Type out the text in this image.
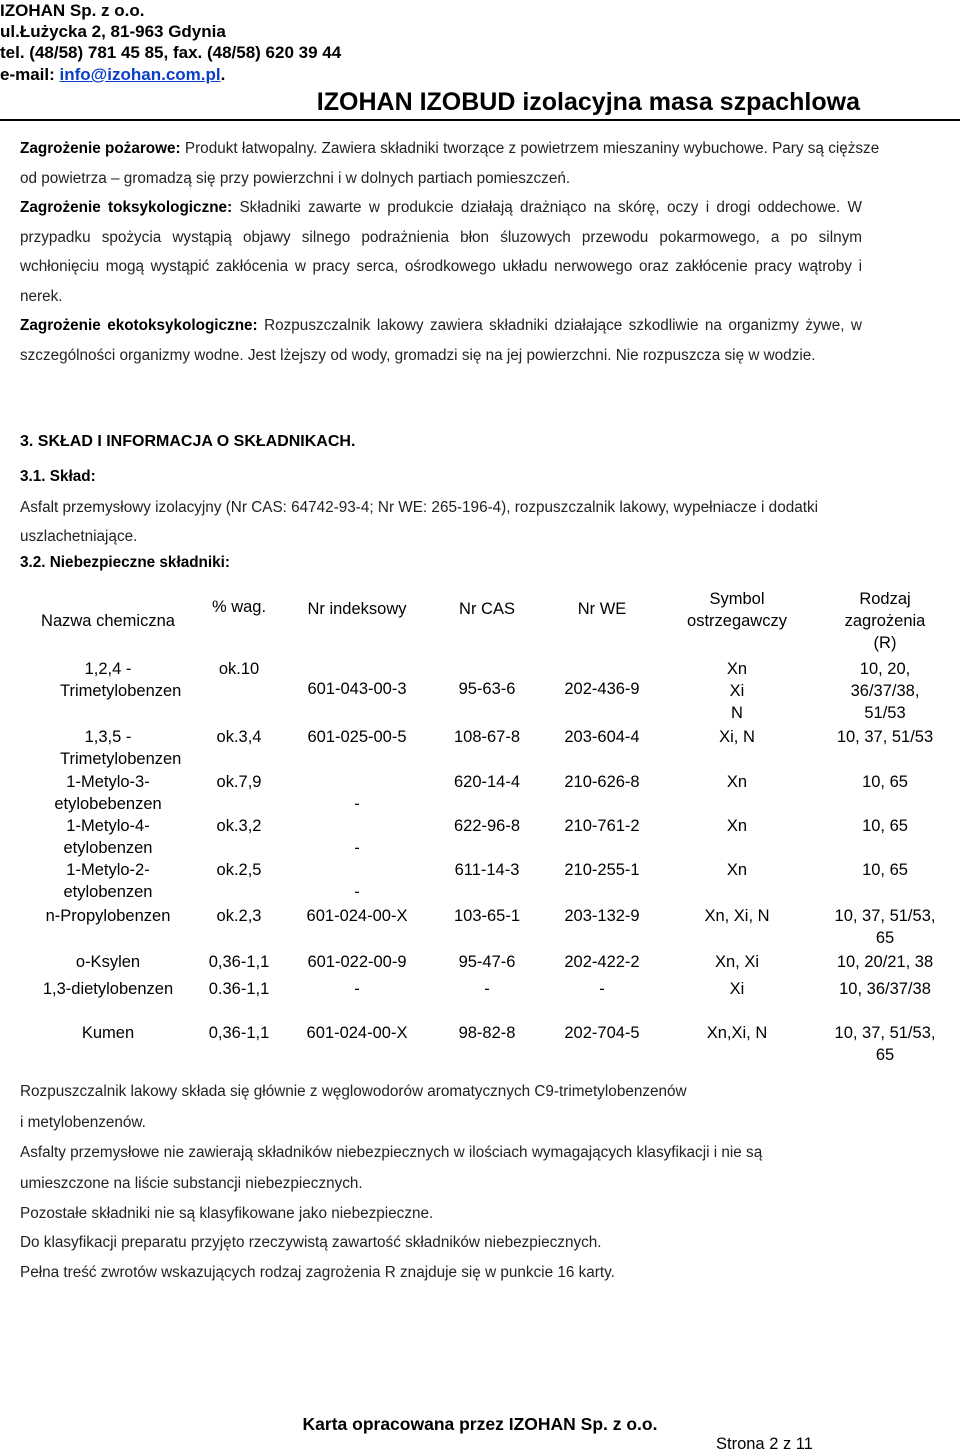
IZOHAN Sp. z o.o.
ul.Łużycka 2, 81-963 Gdynia
tel. (48/58) 781 45 85, fax. (48/58) 620 39 44
e-mail: info@izohan.com.pl.
IZOHAN IZOBUD izolacyjna masa szpachlowa
Zagrożenie pożarowe: Produkt łatwopalny. Zawiera składniki tworzące z powietrzem mieszaniny wybuchowe. Pary są cięższe od powietrza – gromadzą się przy powierzchni i w dolnych partiach pomieszczeń.
Zagrożenie toksykologiczne: Składniki zawarte w produkcie działają drażniąco na skórę, oczy i drogi oddechowe. W przypadku spożycia wystąpią objawy silnego podrażnienia błon śluzowych przewodu pokarmowego, a po silnym wchłonięciu mogą wystąpić zakłócenia w pracy serca, ośrodkowego układu nerwowego oraz zakłócenie pracy wątroby i nerek.
Zagrożenie ekotoksykologiczne: Rozpuszczalnik lakowy zawiera składniki działające szkodliwie na organizmy żywe, w szczególności organizmy wodne. Jest lżejszy od wody, gromadzi się na jej powierzchni. Nie rozpuszcza się w wodzie.
3. SKŁAD I INFORMACJA O SKŁADNIKACH.
3.1. Skład:
Asfalt przemysłowy izolacyjny (Nr CAS: 64742-93-4; Nr WE: 265-196-4), rozpuszczalnik lakowy, wypełniacze i dodatki uszlachetniające.
3.2. Niebezpieczne składniki:
Nazwa chemiczna	% wag.	Nr indeksowy	Nr CAS	Nr WE	Symbol ostrzegawczy	Rodzaj zagrożenia (R)
1,2,4 - Trimetylobenzen	ok.10	601-043-00-3	95-63-6	202-436-9	Xn Xi N	10, 20, 36/37/38, 51/53
1,3,5 - Trimetylobenzen	ok.3,4	601-025-00-5	108-67-8	203-604-4	Xi, N	10, 37, 51/53
1-Metylo-3-etylobebenzen	ok.7,9	-	620-14-4	210-626-8	Xn	10, 65
1-Metylo-4-etylobenzen	ok.3,2	-	622-96-8	210-761-2	Xn	10, 65
1-Metylo-2-etylobenzen	ok.2,5	-	611-14-3	210-255-1	Xn	10, 65
n-Propylobenzen	ok.2,3	601-024-00-X	103-65-1	203-132-9	Xn, Xi, N	10, 37, 51/53, 65
o-Ksylen	0,36-1,1	601-022-00-9	95-47-6	202-422-2	Xn, Xi	10, 20/21, 38
1,3-dietylobenzen	0.36-1,1	-	-	-	Xi	10, 36/37/38
Kumen	0,36-1,1	601-024-00-X	98-82-8	202-704-5	Xn,Xi, N	10, 37, 51/53, 65
Rozpuszczalnik lakowy składa się głównie z węglowodorów aromatycznych C9-trimetylobenzenów
i metylobenzenów.
Asfalty przemysłowe nie zawierają składników niebezpiecznych w ilościach wymagających klasyfikacji i nie są
umieszczone na liście substancji niebezpiecznych.
Pozostałe składniki nie są klasyfikowane jako niebezpieczne.
Do klasyfikacji preparatu przyjęto rzeczywistą zawartość składników niebezpiecznych.
Pełna treść zwrotów wskazujących rodzaj zagrożenia R znajduje się w punkcie 16 karty.
Karta opracowana przez IZOHAN Sp. z o.o.
Strona 2 z 11
